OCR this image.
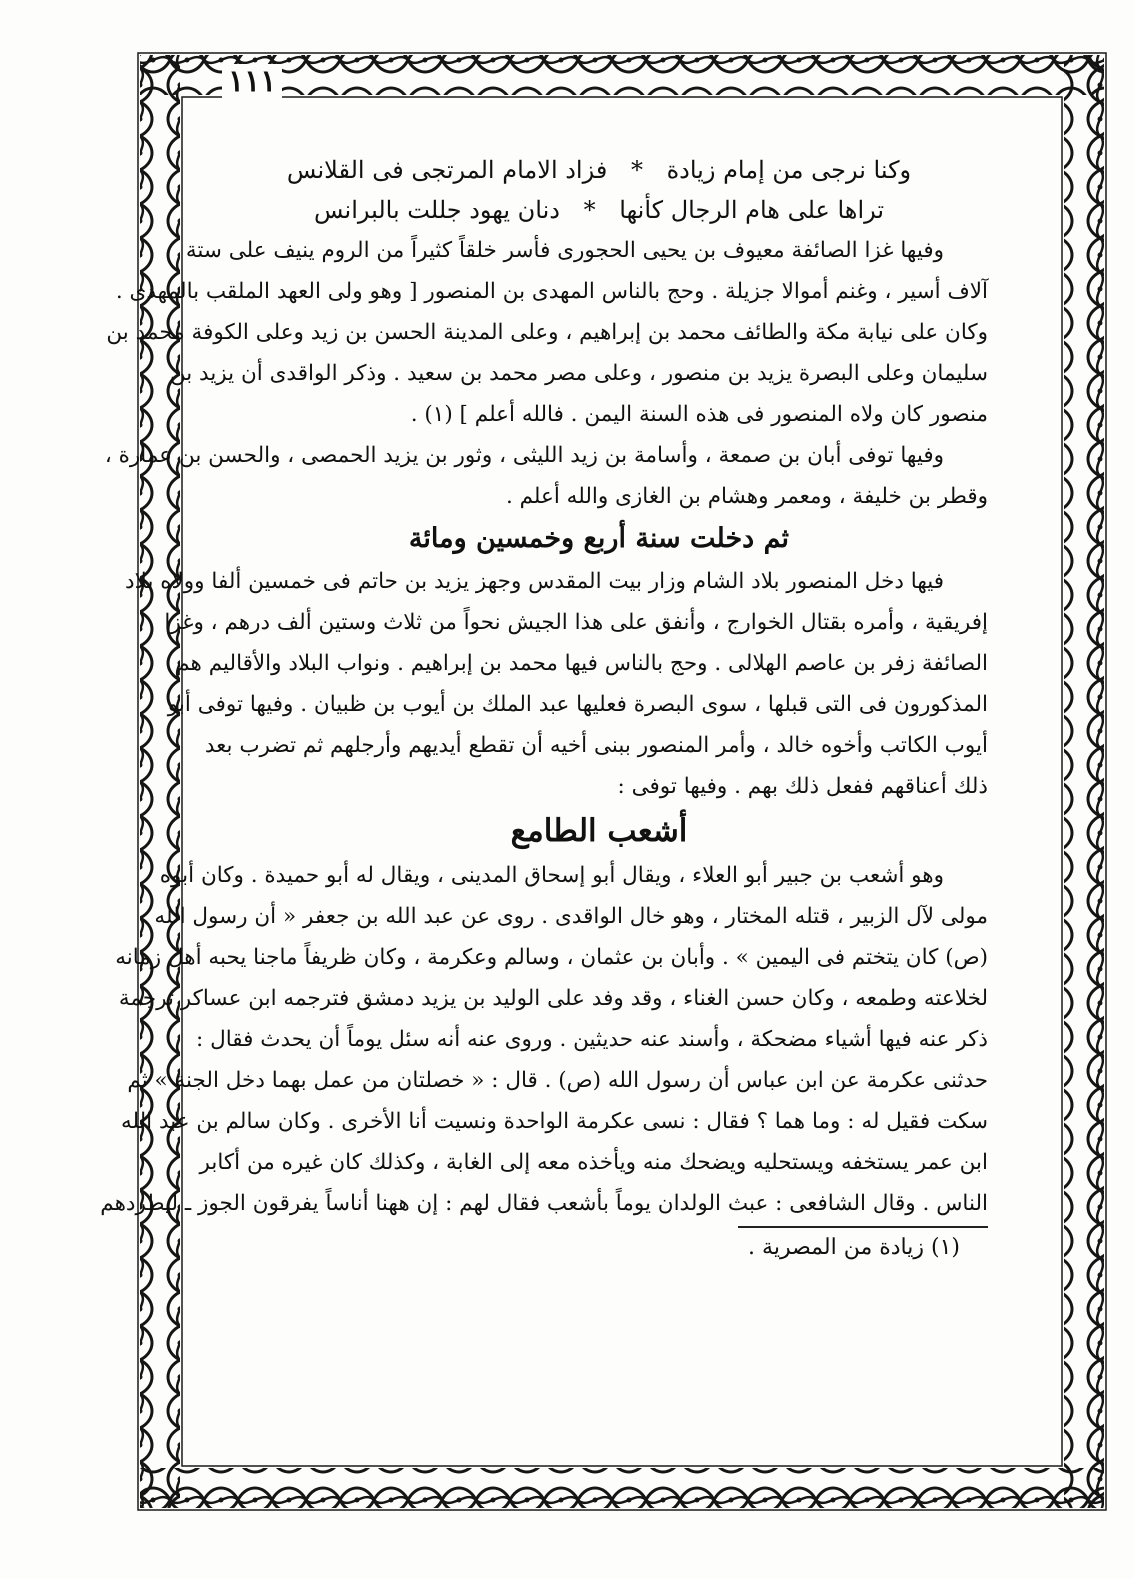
١١١
وكنا نرجى من إمام زيادة * فزاد الامام المرتجى فى القلانس
تراها على هام الرجال كأنها * دنان يهود جللت بالبرانس
وفيها غزا الصائفة معيوف بن يحيى الحجورى فأسر خلقاً كثيراً من الروم ينيف على ستة
آلاف أسير ، وغنم أموالا جزيلة . وحج بالناس المهدى بن المنصور [ وهو ولى العهد الملقب بالمهدى .
وكان على نيابة مكة والطائف محمد بن إبراهيم ، وعلى المدينة الحسن بن زيد وعلى الكوفة محمد بن
سليمان وعلى البصرة يزيد بن منصور ، وعلى مصر محمد بن سعيد . وذكر الواقدى أن يزيد بن
منصور كان ولاه المنصور فى هذه السنة اليمن . فالله أعلم ] (١) .
وفيها توفى أبان بن صمعة ، وأسامة بن زيد الليثى ، وثور بن يزيد الحمصى ، والحسن بن عمارة ،
وقطر بن خليفة ، ومعمر وهشام بن الغازى والله أعلم .
ثم دخلت سنة أربع وخمسين ومائة
فيها دخل المنصور بلاد الشام وزار بيت المقدس وجهز يزيد بن حاتم فى خمسين ألفا وولاه بلاد
إفريقية ، وأمره بقتال الخوارج ، وأنفق على هذا الجيش نحواً من ثلاث وستين ألف درهم ، وغزا
الصائفة زفر بن عاصم الهلالى . وحج بالناس فيها محمد بن إبراهيم . ونواب البلاد والأقاليم هم
المذكورون فى التى قبلها ، سوى البصرة فعليها عبد الملك بن أيوب بن ظبيان . وفيها توفى أبو
أيوب الكاتب وأخوه خالد ، وأمر المنصور ببنى أخيه أن تقطع أيديهم وأرجلهم ثم تضرب بعد
ذلك أعناقهم ففعل ذلك بهم . وفيها توفى :
أشعب الطامع
وهو أشعب بن جبير أبو العلاء ، ويقال أبو إسحاق المدينى ، ويقال له أبو حميدة . وكان أبوه
مولى لآل الزبير ، قتله المختار ، وهو خال الواقدى . روى عن عبد الله بن جعفر « أن رسول الله
(ص) كان يتختم فى اليمين » . وأبان بن عثمان ، وسالم وعكرمة ، وكان ظريفاً ماجنا يحبه أهل زمانه
لخلاعته وطمعه ، وكان حسن الغناء ، وقد وفد على الوليد بن يزيد دمشق فترجمه ابن عساكر ترجمة
ذكر عنه فيها أشياء مضحكة ، وأسند عنه حديثين . وروى عنه أنه سئل يوماً أن يحدث فقال :
حدثنى عكرمة عن ابن عباس أن رسول الله (ص) . قال : « خصلتان من عمل بهما دخل الجنة » ثم
سكت فقيل له : وما هما ؟ فقال : نسى عكرمة الواحدة ونسيت أنا الأخرى . وكان سالم بن عبد الله
ابن عمر يستخفه ويستحليه ويضحك منه ويأخذه معه إلى الغابة ، وكذلك كان غيره من أكابر
الناس . وقال الشافعى : عبث الولدان يوماً بأشعب فقال لهم : إن ههنا أناساً يفرقون الجوز ـ ليطردهم
(١) زيادة من المصرية .
